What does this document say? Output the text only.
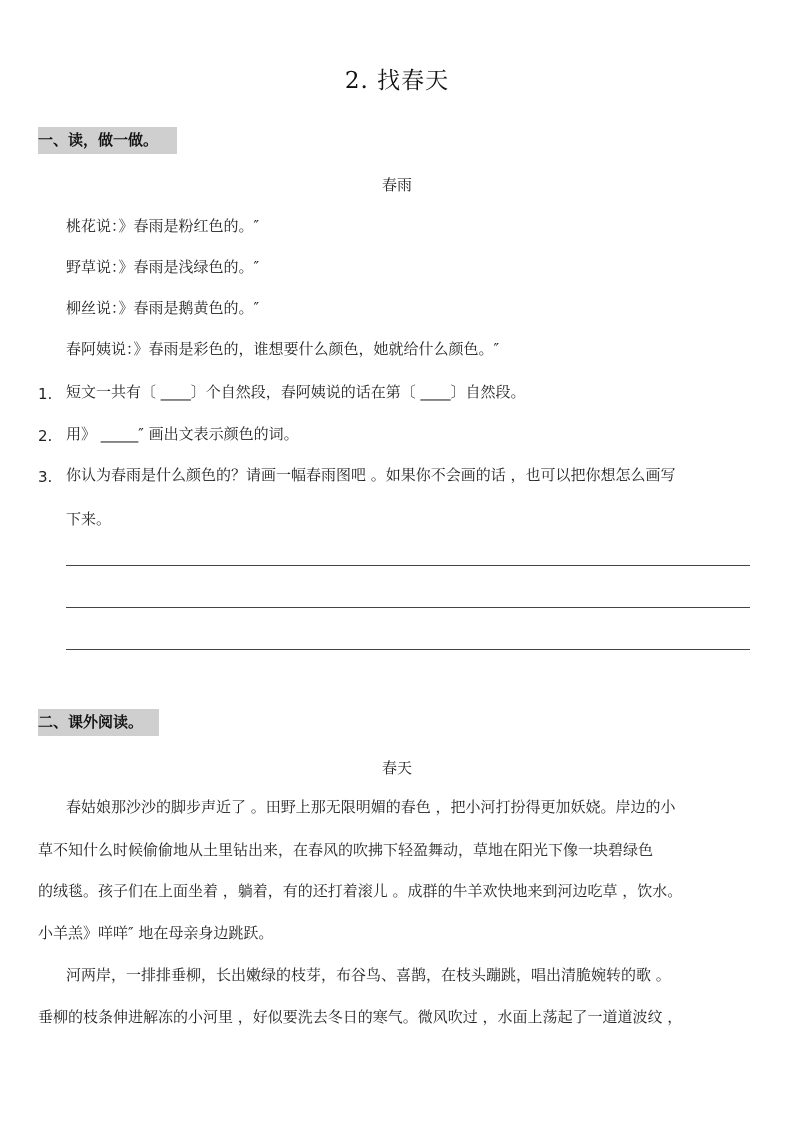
2. 找春天
一、读，做一做。
春雨
桃花说：》春雨是粉红色的。″
野草说：》春雨是浅绿色的。″
柳丝说：》春雨是鹅黄色的。″
春阿姨说：》春雨是彩色的，谁想要什么颜色，她就给什么颜色。″
1. 短文一共有〔 ____〕个自然段，春阿姨说的话在第〔 ____〕自然段。
2. 用》 _____″ 画出文表示颜色的词。
3. 你认为春雨是什么颜色的？请画一幅春雨图吧 。如果你不会画的话 ，也可以把你想怎么画写
下来。
二、课外阅读。
春天
春姑娘那沙沙的脚步声近了 。田野上那无限明媚的春色 ，把小河打扮得更加妖娆。岸边的小
草不知什么时候偷偷地从土里钻出来，在春风的吹拂下轻盈舞动，草地在阳光下像一块碧绿色
的绒毯。孩子们在上面坐着 ，躺着，有的还打着滚儿 。成群的牛羊欢快地来到河边吃草 ，饮水。
小羊羔》咩咩″ 地在母亲身边跳跃。
河两岸，一排排垂柳，长出嫩绿的枝芽，布谷鸟、喜鹊，在枝头蹦跳，唱出清脆婉转的歌 。
垂柳的枝条伸进解冻的小河里 ，好似要洗去冬日的寒气。微风吹过 ，水面上荡起了一道道波纹 ，
